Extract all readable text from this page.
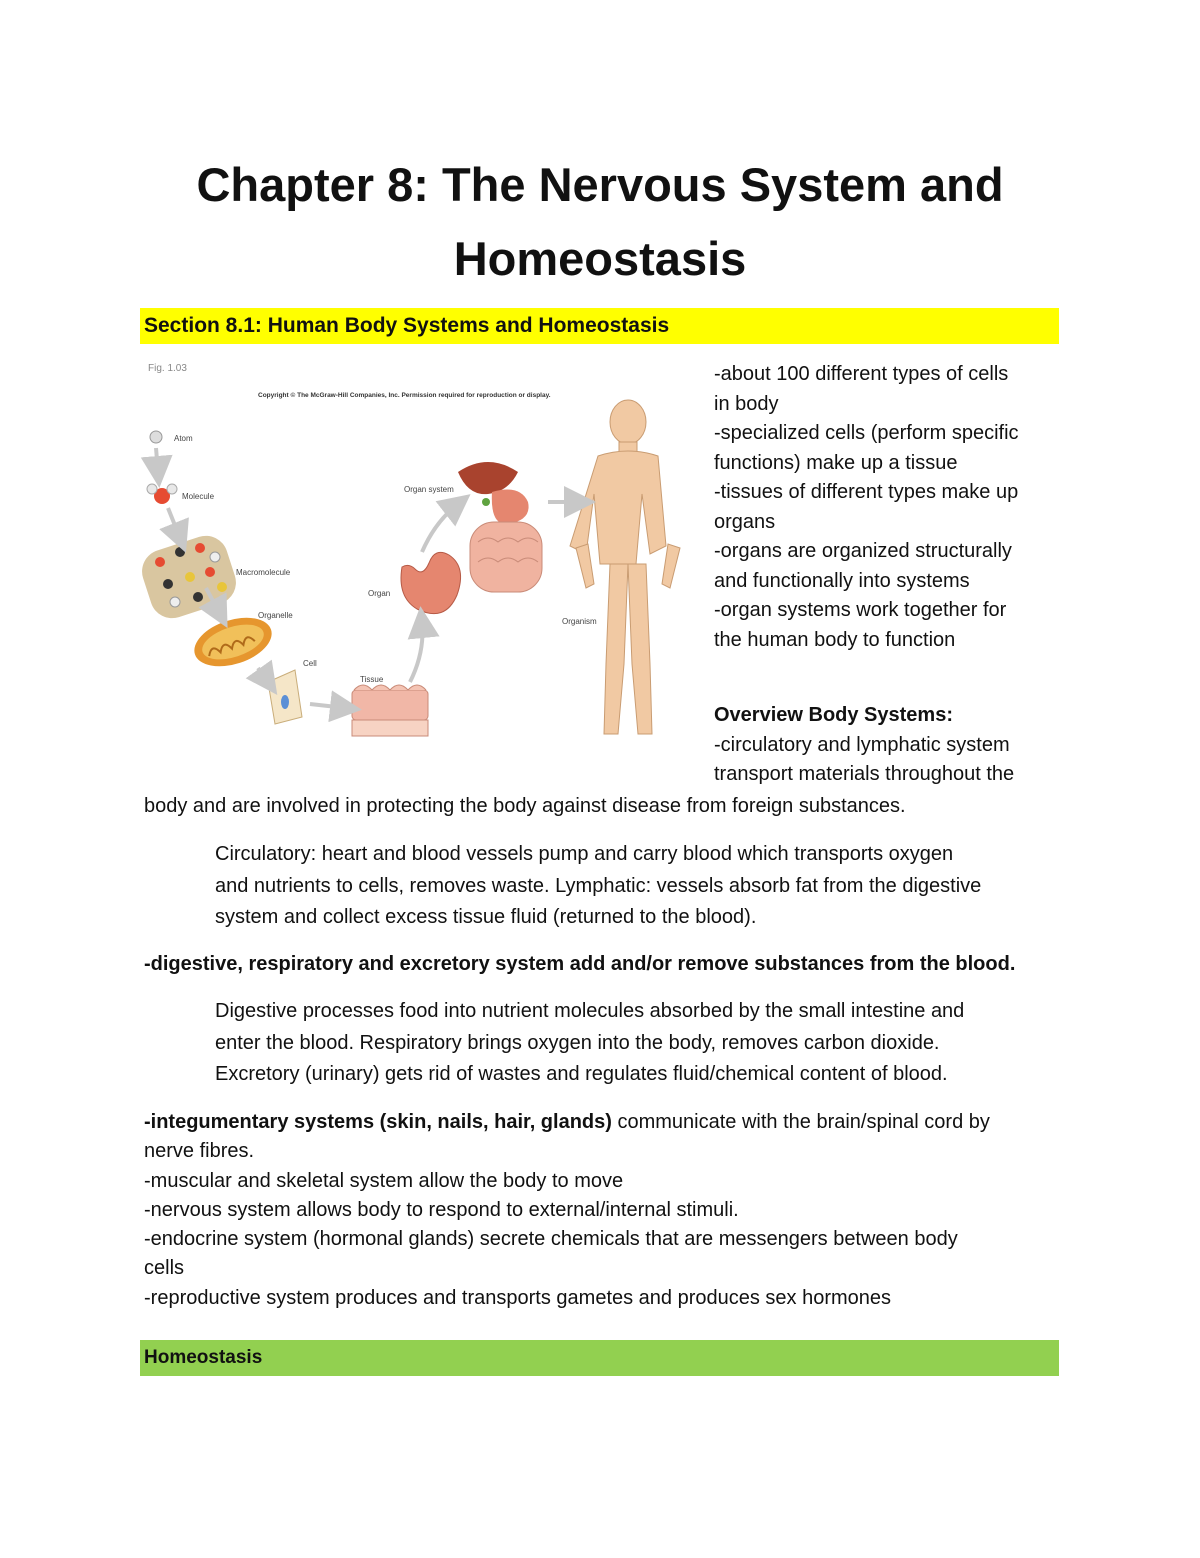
Chapter 8: The Nervous System and
Homeostasis
Section 8.1: Human Body Systems and Homeostasis
Fig. 1.03
Copyright © The McGraw-Hill Companies, Inc. Permission required for reproduction or display.
Atom
Molecule
Macromolecule
Organelle
Cell
Tissue
Organ
Organ system
Organism
-about 100 different types of cells
in body
-specialized cells (perform specific
functions) make up a tissue
-tissues of different types make up
organs
-organs are organized structurally
and functionally into systems
-organ systems work together for
the human body to function
Overview Body Systems:
-circulatory and lymphatic system
transport materials throughout the
body and are involved in protecting the body against disease from foreign substances.
Circulatory: heart and blood vessels pump and carry blood which transports oxygen
and nutrients to cells, removes waste. Lymphatic: vessels absorb fat from the digestive
system and collect excess tissue fluid (returned to the blood).
-digestive, respiratory and excretory system add and/or remove substances from the blood.
Digestive processes food into nutrient molecules absorbed by the small intestine and
enter the blood. Respiratory brings oxygen into the body, removes carbon dioxide.
Excretory (urinary) gets rid of wastes and regulates fluid/chemical content of blood.
-integumentary systems (skin, nails, hair, glands) communicate with the brain/spinal cord by
nerve fibres.
-muscular and skeletal system allow the body to move
-nervous system allows body to respond to external/internal stimuli.
-endocrine system (hormonal glands) secrete chemicals that are messengers between body
cells
-reproductive system produces and transports gametes and produces sex hormones
Homeostasis
